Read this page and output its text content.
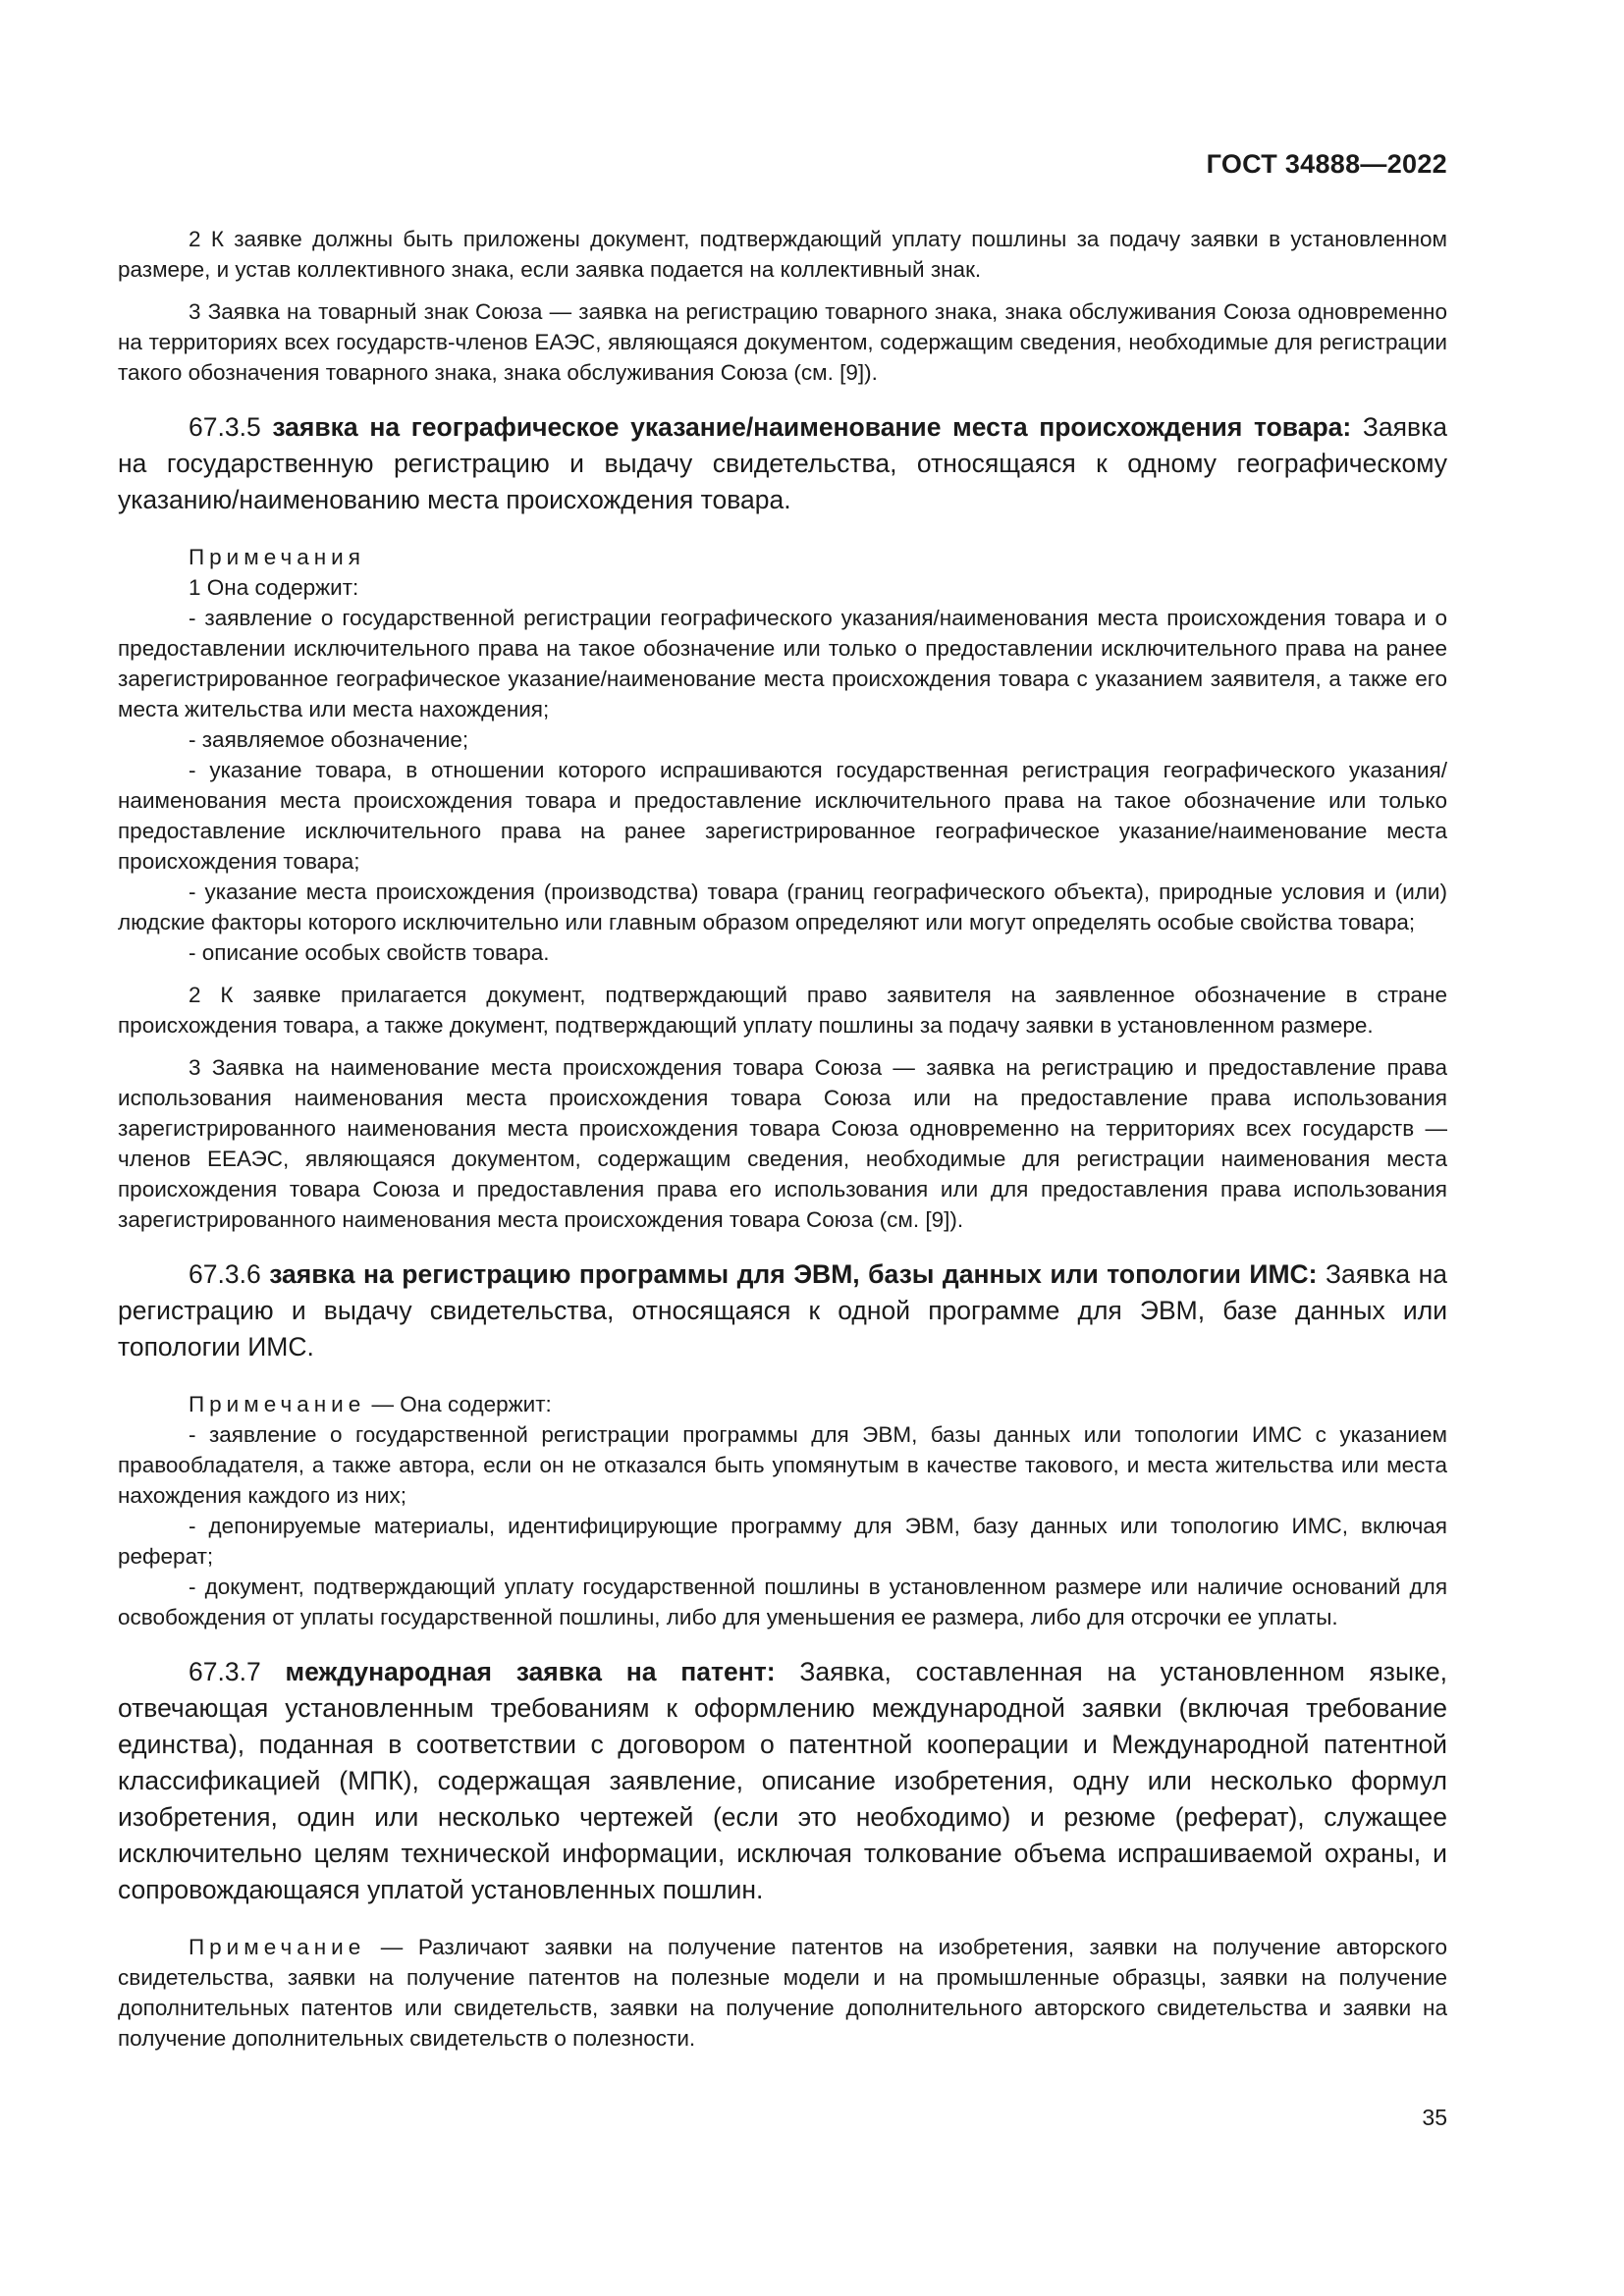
ГОСТ 34888—2022

2 К заявке должны быть приложены документ, подтверждающий уплату пошлины за подачу заявки в установленном размере, и устав коллективного знака, если заявка подается на коллективный знак.

3 Заявка на товарный знак Союза — заявка на регистрацию товарного знака, знака обслуживания Союза одновременно на территориях всех государств-членов ЕАЭС, являющаяся документом, содержащим сведения, необходимые для регистрации такого обозначения товарного знака, знака обслуживания Союза (см. [9]).

67.3.5 заявка на географическое указание/наименование места происхождения товара: Заявка на государственную регистрацию и выдачу свидетельства, относящаяся к одному географическому указанию/наименованию места происхождения товара.

Примечания

1 Она содержит:

- заявление о государственной регистрации географического указания/наименования места происхождения товара и о предоставлении исключительного права на такое обозначение или только о предоставлении исключительного права на ранее зарегистрированное географическое указание/наименование места происхождения товара с указанием заявителя, а также его места жительства или места нахождения;

- заявляемое обозначение;

- указание товара, в отношении которого испрашиваются государственная регистрация географического указания/наименования места происхождения товара и предоставление исключительного права на такое обозначение или только предоставление исключительного права на ранее зарегистрированное географическое указание/наименование места происхождения товара;

- указание места происхождения (производства) товара (границ географического объекта), природные условия и (или) людские факторы которого исключительно или главным образом определяют или могут определять особые свойства товара;

- описание особых свойств товара.

2 К заявке прилагается документ, подтверждающий право заявителя на заявленное обозначение в стране происхождения товара, а также документ, подтверждающий уплату пошлины за подачу заявки в установленном размере.

3 Заявка на наименование места происхождения товара Союза — заявка на регистрацию и предоставление права использования наименования места происхождения товара Союза или на предоставление права использования зарегистрированного наименования места происхождения товара Союза одновременно на территориях всех государств — членов ЕЕАЭС, являющаяся документом, содержащим сведения, необходимые для регистрации наименования места происхождения товара Союза и предоставления права его использования или для предоставления права использования зарегистрированного наименования места происхождения товара Союза (см. [9]).

67.3.6 заявка на регистрацию программы для ЭВМ, базы данных или топологии ИМС: Заявка на регистрацию и выдачу свидетельства, относящаяся к одной программе для ЭВМ, базе данных или топологии ИМС.

Примечание — Она содержит:

- заявление о государственной регистрации программы для ЭВМ, базы данных или топологии ИМС с указанием правообладателя, а также автора, если он не отказался быть упомянутым в качестве такового, и места жительства или места нахождения каждого из них;

- депонируемые материалы, идентифицирующие программу для ЭВМ, базу данных или топологию ИМС, включая реферат;

- документ, подтверждающий уплату государственной пошлины в установленном размере или наличие оснований для освобождения от уплаты государственной пошлины, либо для уменьшения ее размера, либо для отсрочки ее уплаты.

67.3.7 международная заявка на патент: Заявка, составленная на установленном языке, отвечающая установленным требованиям к оформлению международной заявки (включая требование единства), поданная в соответствии с договором о патентной кооперации и Международной патентной классификацией (МПК), содержащая заявление, описание изобретения, одну или несколько формул изобретения, один или несколько чертежей (если это необходимо) и резюме (реферат), служащее исключительно целям технической информации, исключая толкование объема испрашиваемой охраны, и сопровождающаяся уплатой установленных пошлин.

Примечание — Различают заявки на получение патентов на изобретения, заявки на получение авторского свидетельства, заявки на получение патентов на полезные модели и на промышленные образцы, заявки на получение дополнительных патентов или свидетельств, заявки на получение дополнительного авторского свидетельства и заявки на получение дополнительных свидетельств о полезности.

35
